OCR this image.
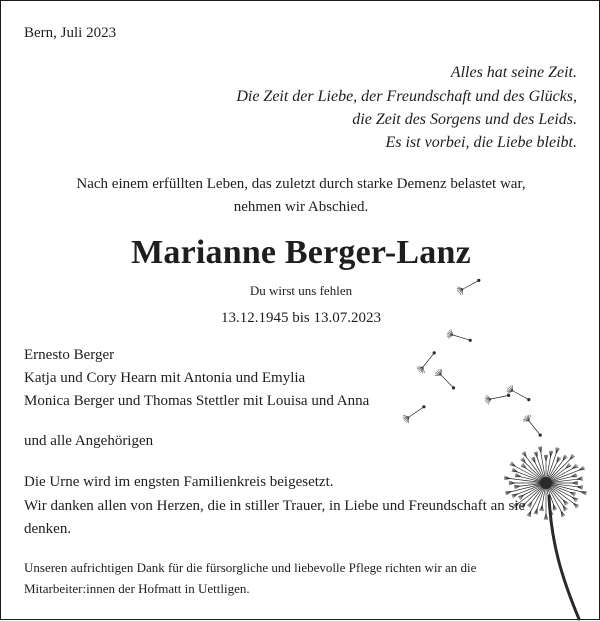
Bern, Juli 2023
Alles hat seine Zeit.
Die Zeit der Liebe, der Freundschaft und des Glücks,
die Zeit des Sorgens und des Leids.
Es ist vorbei, die Liebe bleibt.
Nach einem erfüllten Leben, das zuletzt durch starke Demenz belastet war,
nehmen wir Abschied.
Marianne Berger-Lanz
Du wirst uns fehlen
13.12.1945 bis 13.07.2023
Ernesto Berger
Katja und Cory Hearn mit Antonia und Emylia
Monica Berger und Thomas Stettler mit Louisa und Anna
und alle Angehörigen
Die Urne wird im engsten Familienkreis beigesetzt.
Wir danken allen von Herzen, die in stiller Trauer, in Liebe und Freundschaft an sie
denken.
Unseren aufrichtigen Dank für die fürsorgliche und liebevolle Pflege richten wir an die
Mitarbeiter:innen der Hofmatt in Uettligen.
